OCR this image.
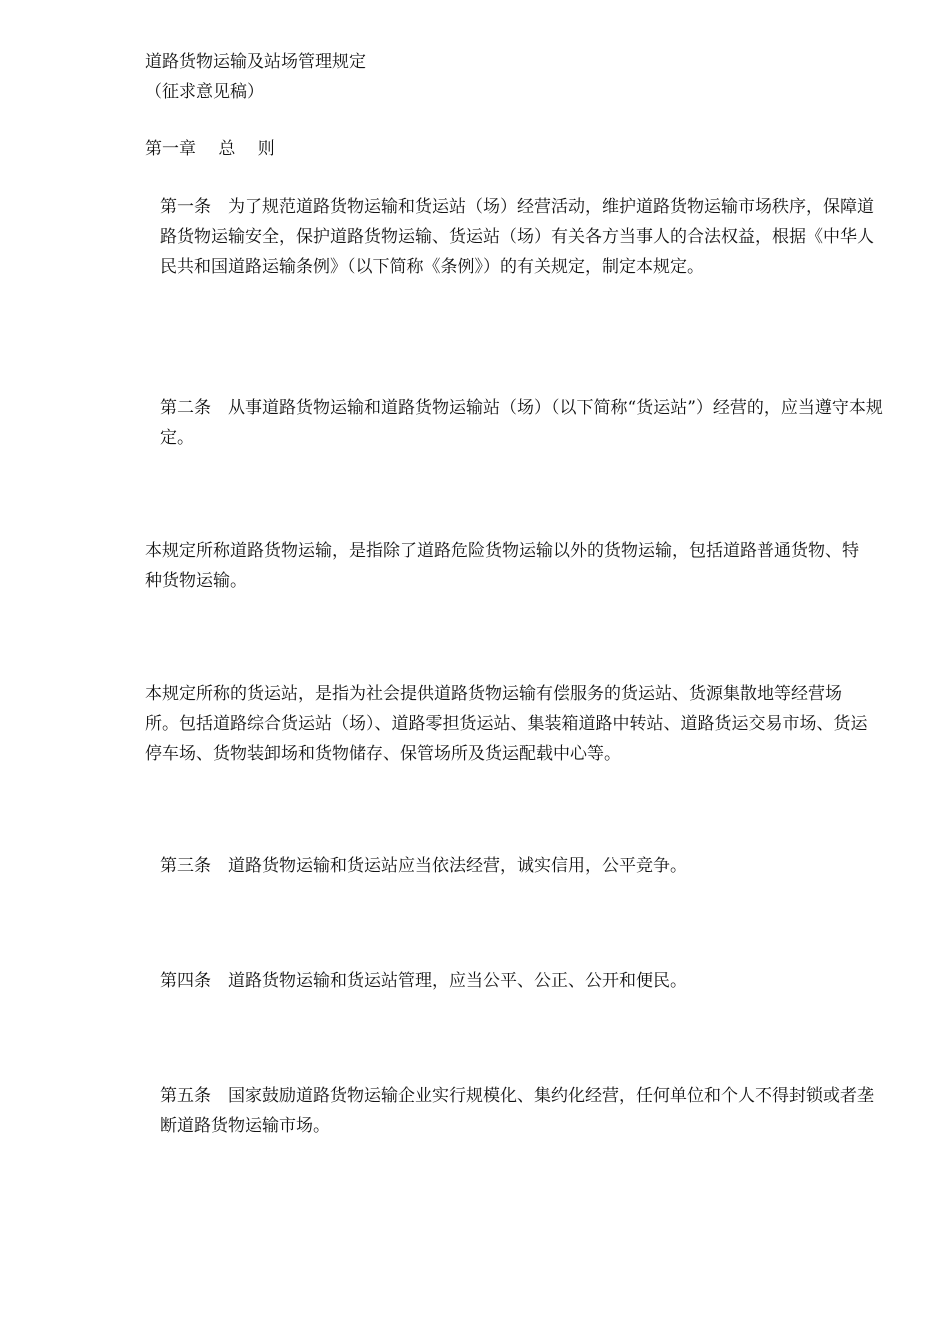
道路货物运输及站场管理规定
（征求意见稿）

第一章　 总　 则

第一条　为了规范道路货物运输和货运站（场）经营活动，维护道路货物运输市场秩序，保障道路货物运输安全，保护道路货物运输、货运站（场）有关各方当事人的合法权益，根据《中华人民共和国道路运输条例》（以下简称《条例》）的有关规定，制定本规定。

第二条　从事道路货物运输和道路货物运输站（场）（以下简称“货运站”）经营的，应当遵守本规定。

本规定所称道路货物运输，是指除了道路危险货物运输以外的货物运输，包括道路普通货物、特种货物运输。

本规定所称的货运站，是指为社会提供道路货物运输有偿服务的货运站、货源集散地等经营场所。包括道路综合货运站（场）、道路零担货运站、集装箱道路中转站、道路货运交易市场、货运停车场、货物装卸场和货物储存、保管场所及货运配载中心等。

第三条　道路货物运输和货运站应当依法经营，诚实信用，公平竞争。

第四条　道路货物运输和货运站管理，应当公平、公正、公开和便民。

第五条　国家鼓励道路货物运输企业实行规模化、集约化经营，任何单位和个人不得封锁或者垄断道路货物运输市场。
